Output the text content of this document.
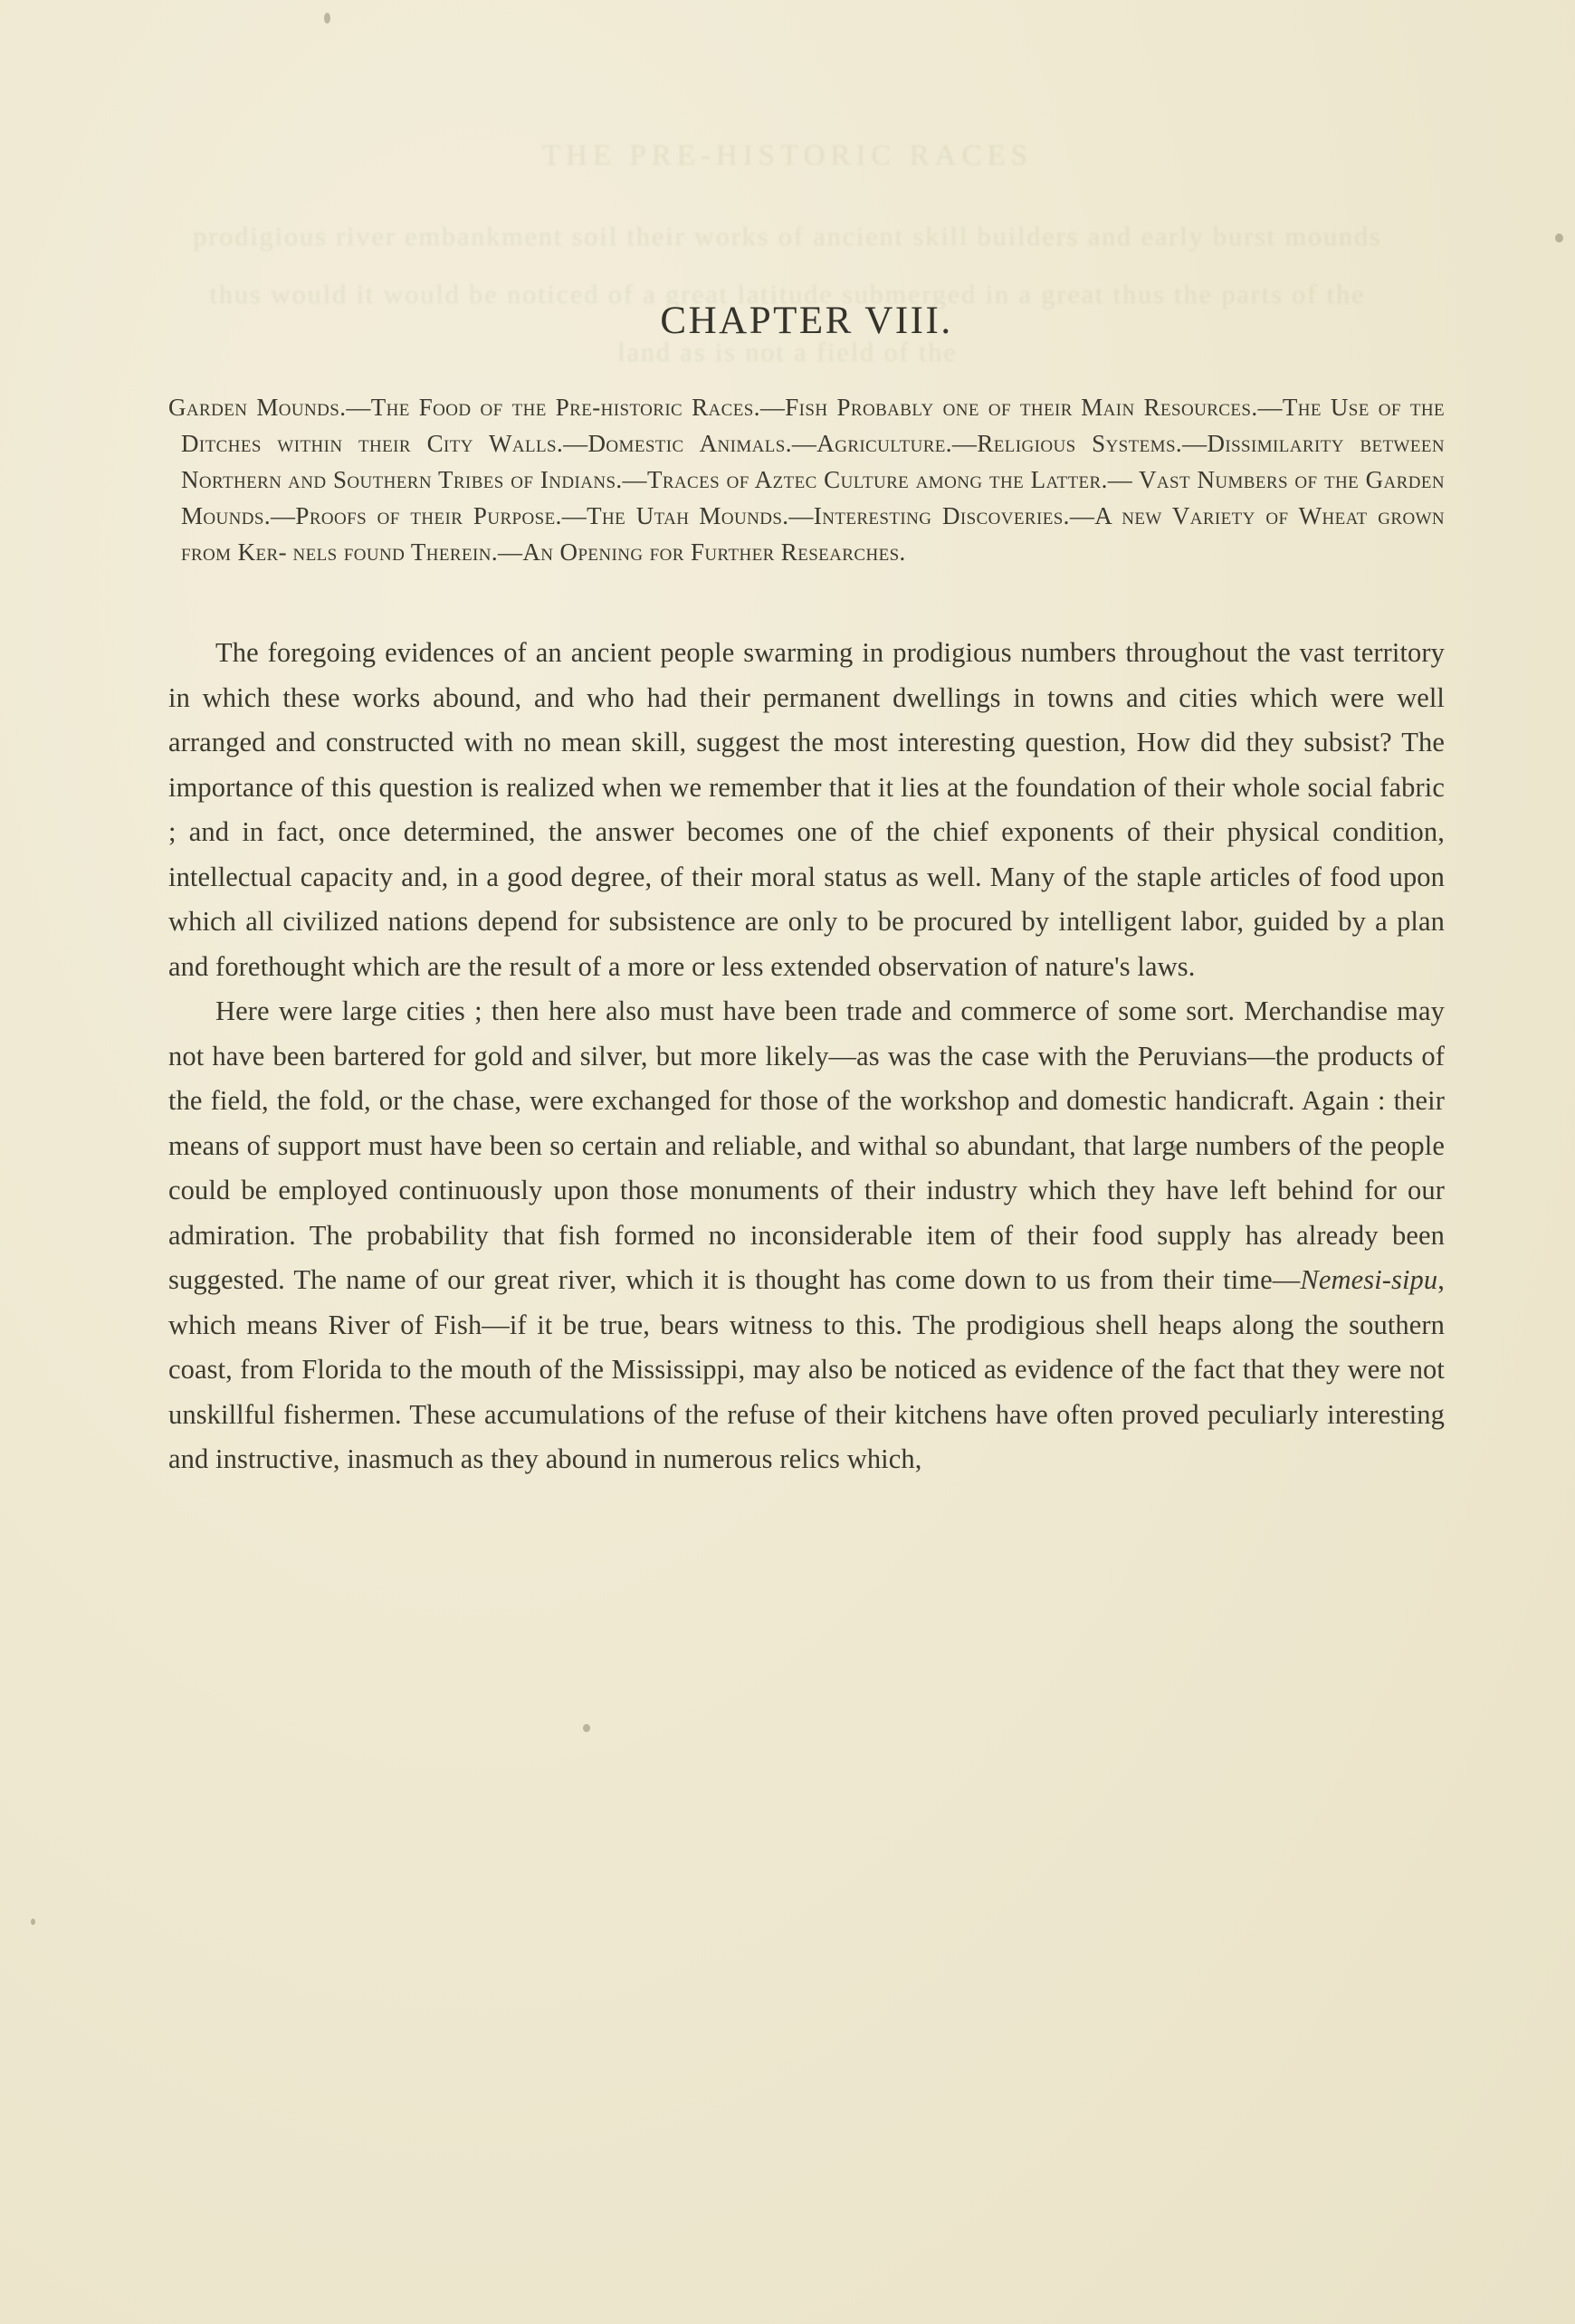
THE PRE-HISTORIC RACES
prodigious river embankment soil their works of ancient skill builders and early burst mounds thus would it would be noticed of a great latitude submerged in a great thus the parts of the land as is not a field of the
CHAPTER VIII.
Garden Mounds.—The Food of the Pre-historic Races.—Fish Probably one of their Main Resources.—The Use of the Ditches within their City Walls.—Domestic Animals.—Agriculture.—Religious Systems.—Dissimilarity between Northern and Southern Tribes of Indians.—Traces of Aztec Culture among the Latter.— Vast Numbers of the Garden Mounds.—Proofs of their Purpose.—The Utah Mounds.—Interesting Discoveries.—A new Variety of Wheat grown from Ker- nels found Therein.—An Opening for Further Researches.

The foregoing evidences of an ancient people swarming in prodigious numbers throughout the vast territory in which these works abound, and who had their permanent dwellings in towns and cities which were well arranged and constructed with no mean skill, suggest the most interesting question, How did they subsist? The importance of this question is realized when we remember that it lies at the foundation of their whole social fabric ; and in fact, once determined, the answer becomes one of the chief exponents of their physical condition, intellectual capacity and, in a good degree, of their moral status as well. Many of the staple articles of food upon which all civilized nations depend for subsistence are only to be procured by intelligent labor, guided by a plan and forethought which are the result of a more or less extended observation of nature's laws.

Here were large cities ; then here also must have been trade and commerce of some sort. Merchandise may not have been bartered for gold and silver, but more likely—as was the case with the Peruvians—the products of the field, the fold, or the chase, were exchanged for those of the workshop and domestic handicraft. Again : their means of support must have been so certain and reliable, and withal so abundant, that large numbers of the people could be employed continuously upon those monuments of their industry which they have left behind for our admiration. The probability that fish formed no inconsiderable item of their food supply has already been suggested. The name of our great river, which it is thought has come down to us from their time—Nemesi-sipu, which means River of Fish—if it be true, bears witness to this. The prodigious shell heaps along the southern coast, from Florida to the mouth of the Mississippi, may also be noticed as evidence of the fact that they were not unskillful fishermen. These accumulations of the refuse of their kitchens have often proved peculiarly interesting and instructive, inasmuch as they abound in numerous relics which,
